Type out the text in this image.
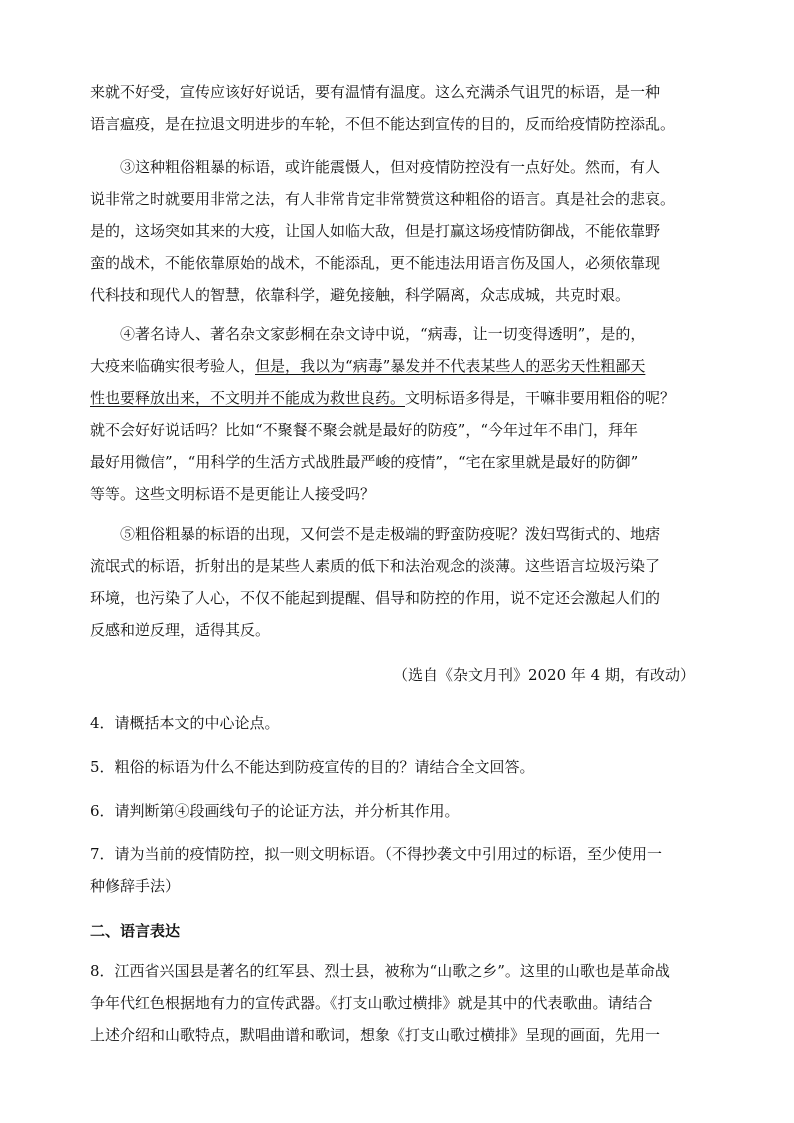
来就不好受，宣传应该好好说话，要有温情有温度。这么充满杀气诅咒的标语，是一种
语言瘟疫，是在拉退文明进步的车轮，不但不能达到宣传的目的，反而给疫情防控添乱。
③这种粗俗粗暴的标语，或许能震慑人，但对疫情防控没有一点好处。然而，有人
说非常之时就要用非常之法，有人非常肯定非常赞赏这种粗俗的语言。真是社会的悲哀。
是的，这场突如其来的大疫，让国人如临大敌，但是打赢这场疫情防御战，不能依靠野
蛮的战术，不能依靠原始的战术，不能添乱，更不能违法用语言伤及国人，必须依靠现
代科技和现代人的智慧，依靠科学，避免接触，科学隔离，众志成城，共克时艰。
④著名诗人、著名杂文家彭桐在杂文诗中说，“病毒，让一切变得透明”，是的，
大疫来临确实很考验人，但是，我以为“病毒”暴发并不代表某些人的恶劣天性粗鄙天
性也要释放出来，不文明并不能成为救世良药。文明标语多得是，干嘛非要用粗俗的呢？
就不会好好说话吗？比如“不聚餐不聚会就是最好的防疫”，“今年过年不串门，拜年
最好用微信”，“用科学的生活方式战胜最严峻的疫情”，“宅在家里就是最好的防御”
等等。这些文明标语不是更能让人接受吗？
⑤粗俗粗暴的标语的出现，又何尝不是走极端的野蛮防疫呢？泼妇骂街式的、地痞
流氓式的标语，折射出的是某些人素质的低下和法治观念的淡薄。这些语言垃圾污染了
环境，也污染了人心，不仅不能起到提醒、倡导和防控的作用，说不定还会激起人们的
反感和逆反理，适得其反。
（选自《杂文月刊》2020 年 4 期，有改动）
4．请概括本文的中心论点。
5．粗俗的标语为什么不能达到防疫宣传的目的？请结合全文回答。
6．请判断第④段画线句子的论证方法，并分析其作用。
7．请为当前的疫情防控，拟一则文明标语。（不得抄袭文中引用过的标语，至少使用一
种修辞手法）
二、语言表达
8．江西省兴国县是著名的红军县、烈士县，被称为“山歌之乡”。这里的山歌也是革命战
争年代红色根据地有力的宣传武器。《打支山歌过横排》就是其中的代表歌曲。请结合
上述介绍和山歌特点，默唱曲谱和歌词，想象《打支山歌过横排》呈现的画面，先用一
